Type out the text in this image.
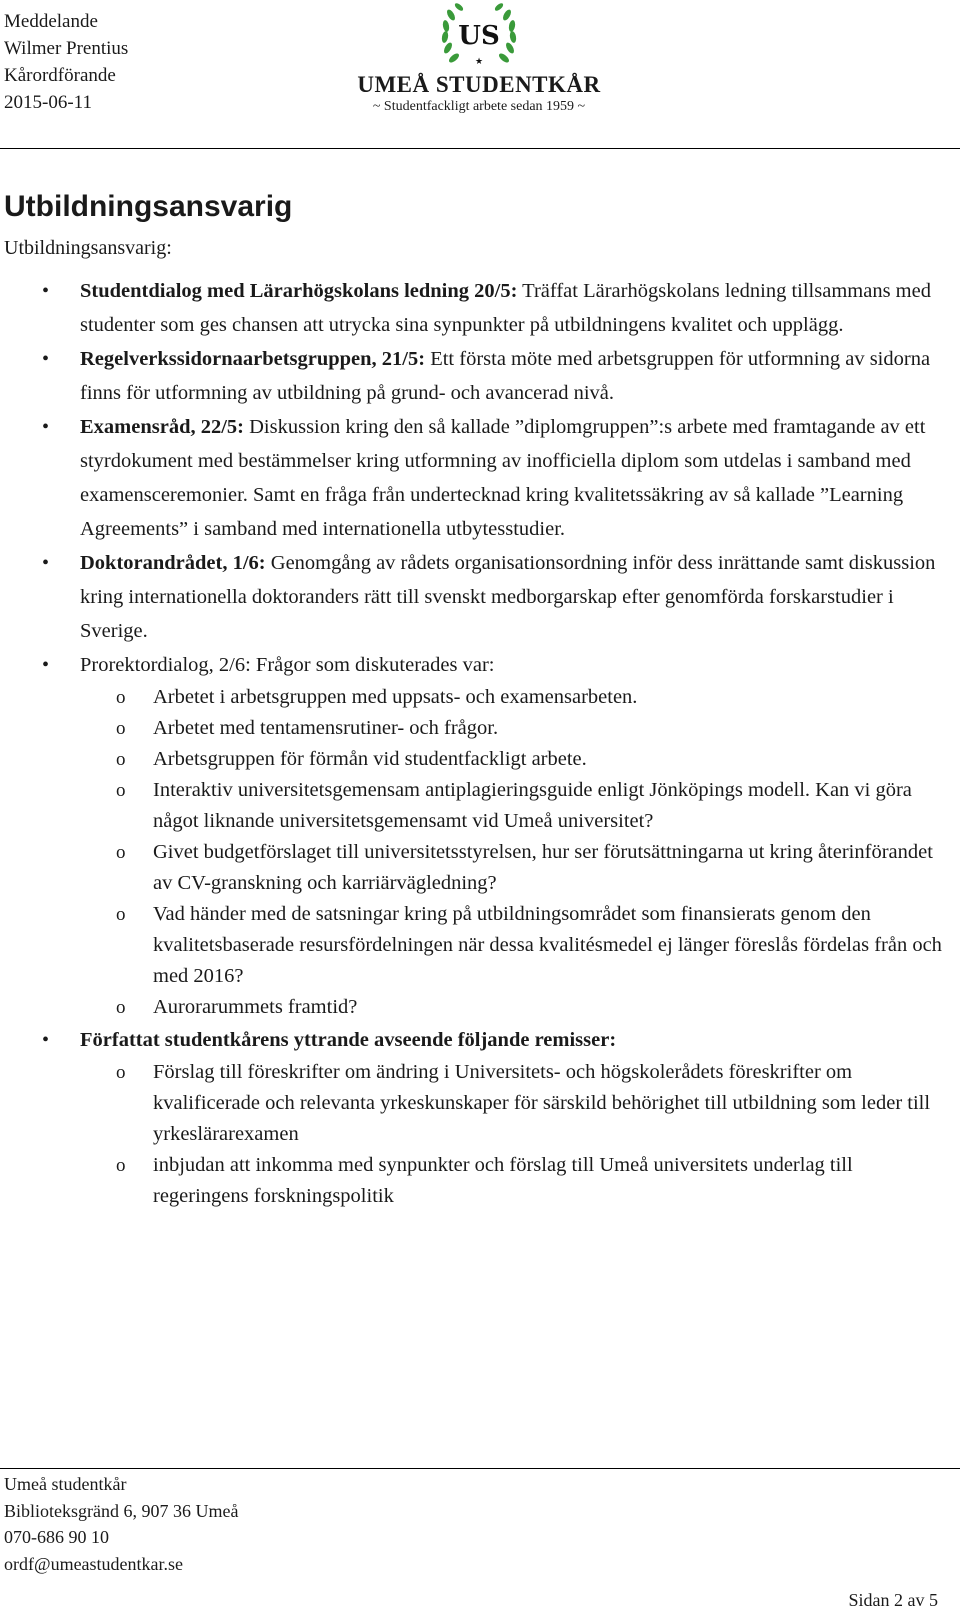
Meddelande
Wilmer Prentius
Kårordförande
2015-06-11
US
★
UMEÅ STUDENTKÅR
~ Studentfackligt arbete sedan 1959 ~
Utbildningsansvarig
Utbildningsansvarig:
• Studentdialog med Lärarhögskolans ledning 20/5: Träffat Lärarhögskolans ledning tillsammans med studenter som ges chansen att utrycka sina synpunkter på utbildningens kvalitet och upplägg.
• Regelverkssidornaarbetsgruppen, 21/5: Ett första möte med arbetsgruppen för utformning av sidorna finns för utformning av utbildning på grund- och avancerad nivå.
• Examensråd, 22/5: Diskussion kring den så kallade ”diplomgruppen”:s arbete med framtagande av ett styrdokument med bestämmelser kring utformning av inofficiella diplom som utdelas i samband med examensceremonier. Samt en fråga från undertecknad kring kvalitetssäkring av så kallade ”Learning Agreements” i samband med internationella utbytesstudier.
• Doktorandrådet, 1/6: Genomgång av rådets organisationsordning inför dess inrättande samt diskussion kring internationella doktoranders rätt till svenskt medborgarskap efter genomförda forskarstudier i Sverige.
• Prorektordialog, 2/6: Frågor som diskuterades var:
o Arbetet i arbetsgruppen med uppsats- och examensarbeten.
o Arbetet med tentamensrutiner- och frågor.
o Arbetsgruppen för förmån vid studentfackligt arbete.
o Interaktiv universitetsgemensam antiplagieringsguide enligt Jönköpings modell. Kan vi göra något liknande universitetsgemensamt vid Umeå universitet?
o Givet budgetförslaget till universitetsstyrelsen, hur ser förutsättningarna ut kring återinförandet av CV-granskning och karriärvägledning?
o Vad händer med de satsningar kring på utbildningsområdet som finansierats genom den kvalitetsbaserade resursfördelningen när dessa kvalitésmedel ej länger föreslås fördelas från och med 2016?
o Aurorarummets framtid?
• Författat studentkårens yttrande avseende följande remisser:
o Förslag till föreskrifter om ändring i Universitets- och högskolerådets föreskrifter om kvalificerade och relevanta yrkeskunskaper för särskild behörighet till utbildning som leder till yrkeslärarexamen
o inbjudan att inkomma med synpunkter och förslag till Umeå universitets underlag till regeringens forskningspolitik
Umeå studentkår
Biblioteksgränd 6, 907 36 Umeå
070-686 90 10
ordf@umeastudentkar.se
Sidan 2 av 5
